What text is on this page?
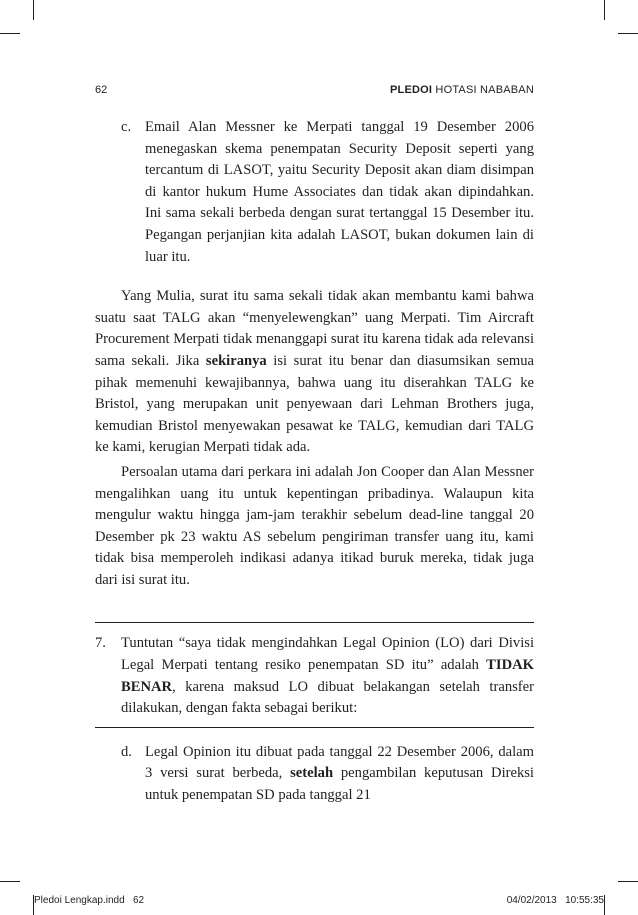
62	PLEDOI HOTASI NABABAN
c. Email Alan Messner ke Merpati tanggal 19 Desember 2006 menegaskan skema penempatan Security Deposit seperti yang tercantum di LASOT, yaitu Security Deposit akan diam disimpan di kantor hukum Hume Associates dan tidak akan dipindahkan. Ini sama sekali berbeda dengan surat tertanggal 15 Desember itu. Pegangan perjanjian kita adalah LASOT, bukan dokumen lain di luar itu.

Yang Mulia, surat itu sama sekali tidak akan membantu kami bahwa suatu saat TALG akan “menyelewengkan” uang Merpati. Tim Aircraft Procurement Merpati tidak menanggapi surat itu karena tidak ada relevansi sama sekali. Jika sekiranya isi surat itu benar dan diasumsikan semua pihak memenuhi kewajibannya, bahwa uang itu diserahkan TALG ke Bristol, yang merupakan unit penyewaan dari Lehman Brothers juga, kemudian Bristol menyewakan pesawat ke TALG, kemudian dari TALG ke kami, kerugian Merpati tidak ada.

Persoalan utama dari perkara ini adalah Jon Cooper dan Alan Messner mengalihkan uang itu untuk kepentingan pribadinya. Walaupun kita mengulur waktu hingga jam-jam terakhir sebelum dead-line tanggal 20 Desember pk 23 waktu AS sebelum pengiriman transfer uang itu, kami tidak bisa memperoleh indikasi adanya itikad buruk mereka, tidak juga dari isi surat itu.

7. Tuntutan “saya tidak mengindahkan Legal Opinion (LO) dari Divisi Legal Merpati tentang resiko penempatan SD itu” adalah TIDAK BENAR, karena maksud LO dibuat belakangan setelah transfer dilakukan, dengan fakta sebagai berikut:
d. Legal Opinion itu dibuat pada tanggal 22 Desember 2006, dalam 3 versi surat berbeda, setelah pengambilan keputusan Direksi untuk penempatan SD pada tanggal 21
Pledoi Lengkap.indd   62	04/02/2013   10:55:35
